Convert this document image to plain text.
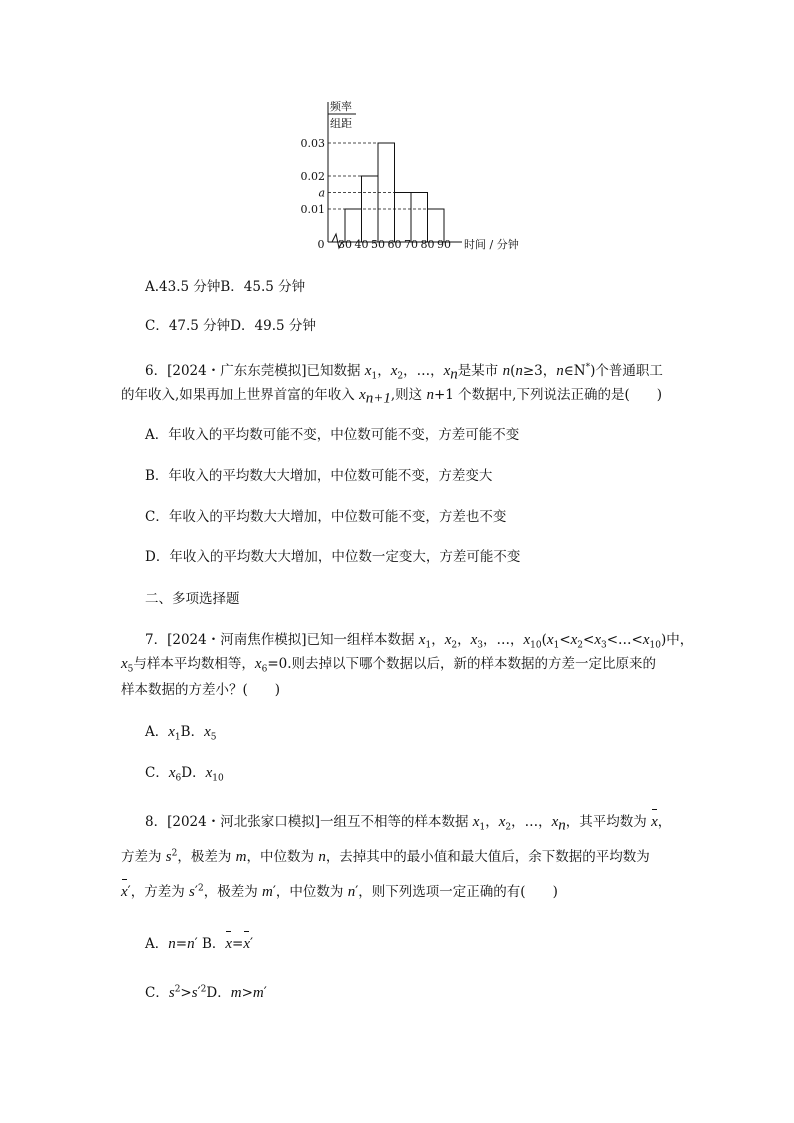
频率
组距
0	时间 / 分钟
0.03
0.02
a
0.01
30 40 50 60 70 80 90
A.43.5 分钟B．45.5 分钟
C．47.5 分钟D．49.5 分钟
6．[2024・广东东莞模拟]已知数据 $x_1$，$x_2$，…，$x_n$是某市 n(n≥3，n∈N*)个普通职工
的年收入,如果再加上世界首富的年收入 $x_{n+1}$,则这 n+1 个数据中,下列说法正确的是(　　)
A．年收入的平均数可能不变，中位数可能不变，方差可能不变
B．年收入的平均数大大增加，中位数可能不变，方差变大
C．年收入的平均数大大增加，中位数可能不变，方差也不变
D．年收入的平均数大大增加，中位数一定变大，方差可能不变
二、多项选择题
7．[2024・河南焦作模拟]已知一组样本数据 $x_1$，$x_2$，$x_3$，…，$x_{10}(x_1<x_2<x_3<\dots<x_{10})$中，
$x_5$与样本平均数相等，$x_6=0$.则去掉以下哪个数据以后，新的样本数据的方差一定比原来的
样本数据的方差小？(　　)
A．$x_1B$．$x_5$
C．$x_6D$．$x_{10}$
8．[2024・河北张家口模拟]一组互不相等的样本数据 $x_1$，$x_2$，…，$x_n$，其平均数为 x，
方差为 $s^2$，极差为 m，中位数为 n，去掉其中的最小值和最大值后，余下数据的平均数为
x′，方差为 $s'^2$，极差为 m′，中位数为 n′，则下列选项一定正确的有(　　)
A．n=n′ B．x=x′
C．$s^2>s'^2D$．m>m′
